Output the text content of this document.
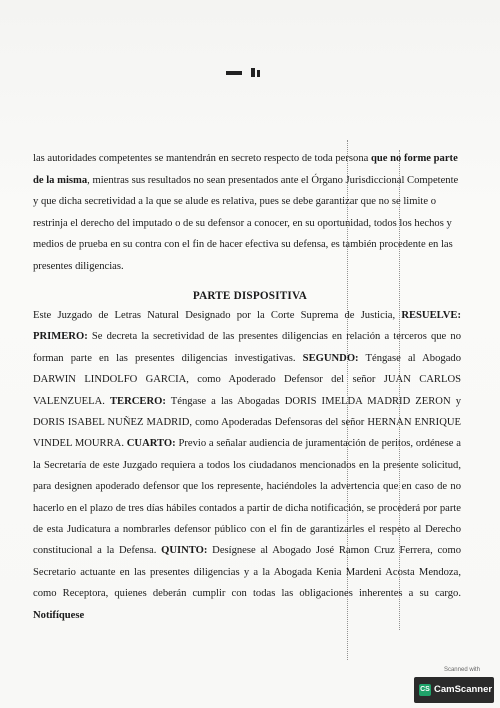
las autoridades competentes se mantendrán en secreto respecto de toda persona que no forme parte de la misma, mientras sus resultados no sean presentados ante el Órgano Jurisdiccional Competente y que dicha secretividad a la que se alude es relativa, pues se debe garantizar que no se limite o restrinja el derecho del imputado o de su defensor a conocer, en su oportunidad, todos los hechos y medios de prueba en su contra con el fin de hacer efectiva su defensa, es también procedente en las presentes diligencias.

PARTE DISPOSITIVA

Este Juzgado de Letras Natural Designado por la Corte Suprema de Justicia, RESUELVE: PRIMERO: Se decreta la secretividad de las presentes diligencias en relación a terceros que no forman parte en las presentes diligencias investigativas. SEGUNDO: Téngase al Abogado DARWIN LINDOLFO GARCIA, como Apoderado Defensor del señor JUAN CARLOS VALENZUELA. TERCERO: Téngase a las Abogadas DORIS IMELDA MADRID ZERON y DORIS ISABEL NUÑEZ MADRID, como Apoderadas Defensoras del señor HERNAN ENRIQUE VINDEL MOURRA. CUARTO: Previo a señalar audiencia de juramentación de peritos, ordénese a la Secretaría de este Juzgado requiera a todos los ciudadanos mencionados en la presente solicitud, para designen apoderado defensor que los represente, haciéndoles la advertencia que en caso de no hacerlo en el plazo de tres días hábiles contados a partir de dicha notificación, se procederá por parte de esta Judicatura a nombrarles defensor público con el fin de garantizarles el respeto al Derecho constitucional a la Defensa. QUINTO: Desígnese al Abogado José Ramon Cruz Ferrera, como Secretario actuante en las presentes diligencias y a la Abogada Kenia Mardeni Acosta Mendoza, como Receptora, quienes deberán cumplir con todas las obligaciones inherentes a su cargo. Notifíquese

Scanned with
CS CamScanner
